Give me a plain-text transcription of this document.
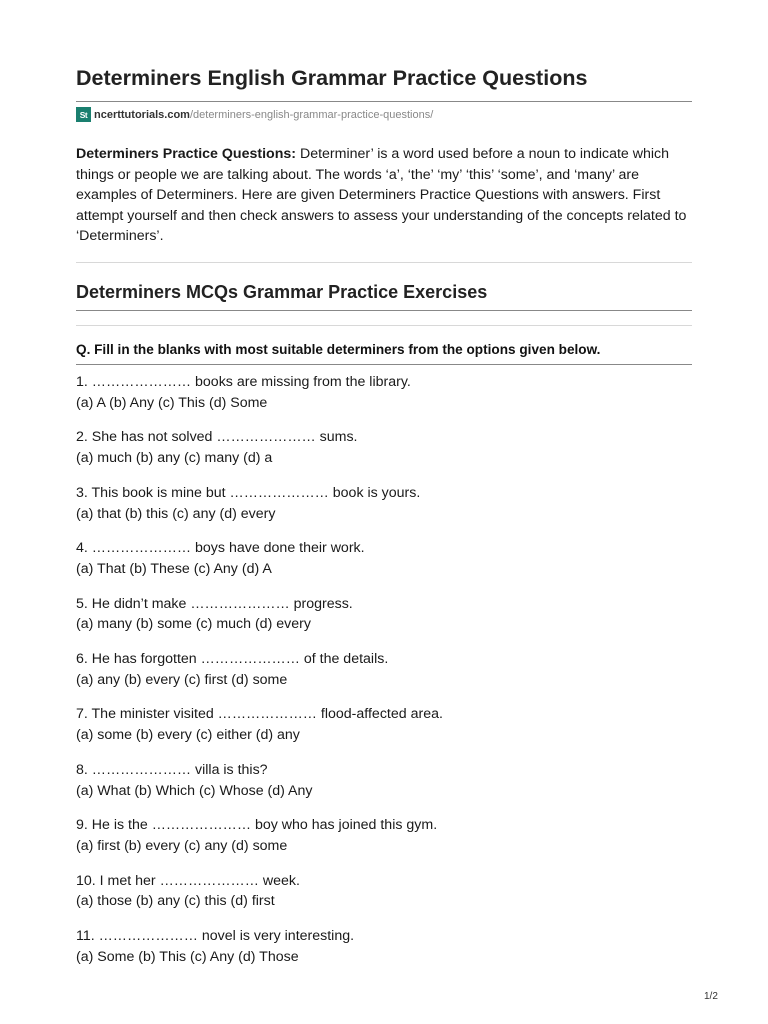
Determiners English Grammar Practice Questions
St ncerttutorials.com /determiners-english-grammar-practice-questions/

Determiners Practice Questions: Determiner’ is a word used before a noun to indicate which things or people we are talking about. The words ‘a’, ‘the’ ‘my’ ‘this’ ‘some’, and ‘many’ are examples of Determiners. Here are given Determiners Practice Questions with answers. First attempt yourself and then check answers to assess your understanding of the concepts related to ‘Determiners’.

Determiners MCQs Grammar Practice Exercises
Q. Fill in the blanks with most suitable determiners from the options given below.
1. ………………… books are missing from the library.
(a) A (b) Any (c) This (d) Some
2. She has not solved ………………… sums.
(a) much (b) any (c) many (d) a
3. This book is mine but ………………… book is yours.
(a) that (b) this (c) any (d) every
4. ………………… boys have done their work.
(a) That (b) These (c) Any (d) A
5. He didn’t make ………………… progress.
(a) many (b) some (c) much (d) every
6. He has forgotten ………………… of the details.
(a) any (b) every (c) first (d) some
7. The minister visited ………………… flood-affected area.
(a) some (b) every (c) either (d) any
8. ………………… villa is this?
(a) What (b) Which (c) Whose (d) Any
9. He is the ………………… boy who has joined this gym.
(a) first (b) every (c) any (d) some
10. I met her ………………… week.
(a) those (b) any (c) this (d) first
11. ………………… novel is very interesting.
(a) Some (b) This (c) Any (d) Those
1/2
